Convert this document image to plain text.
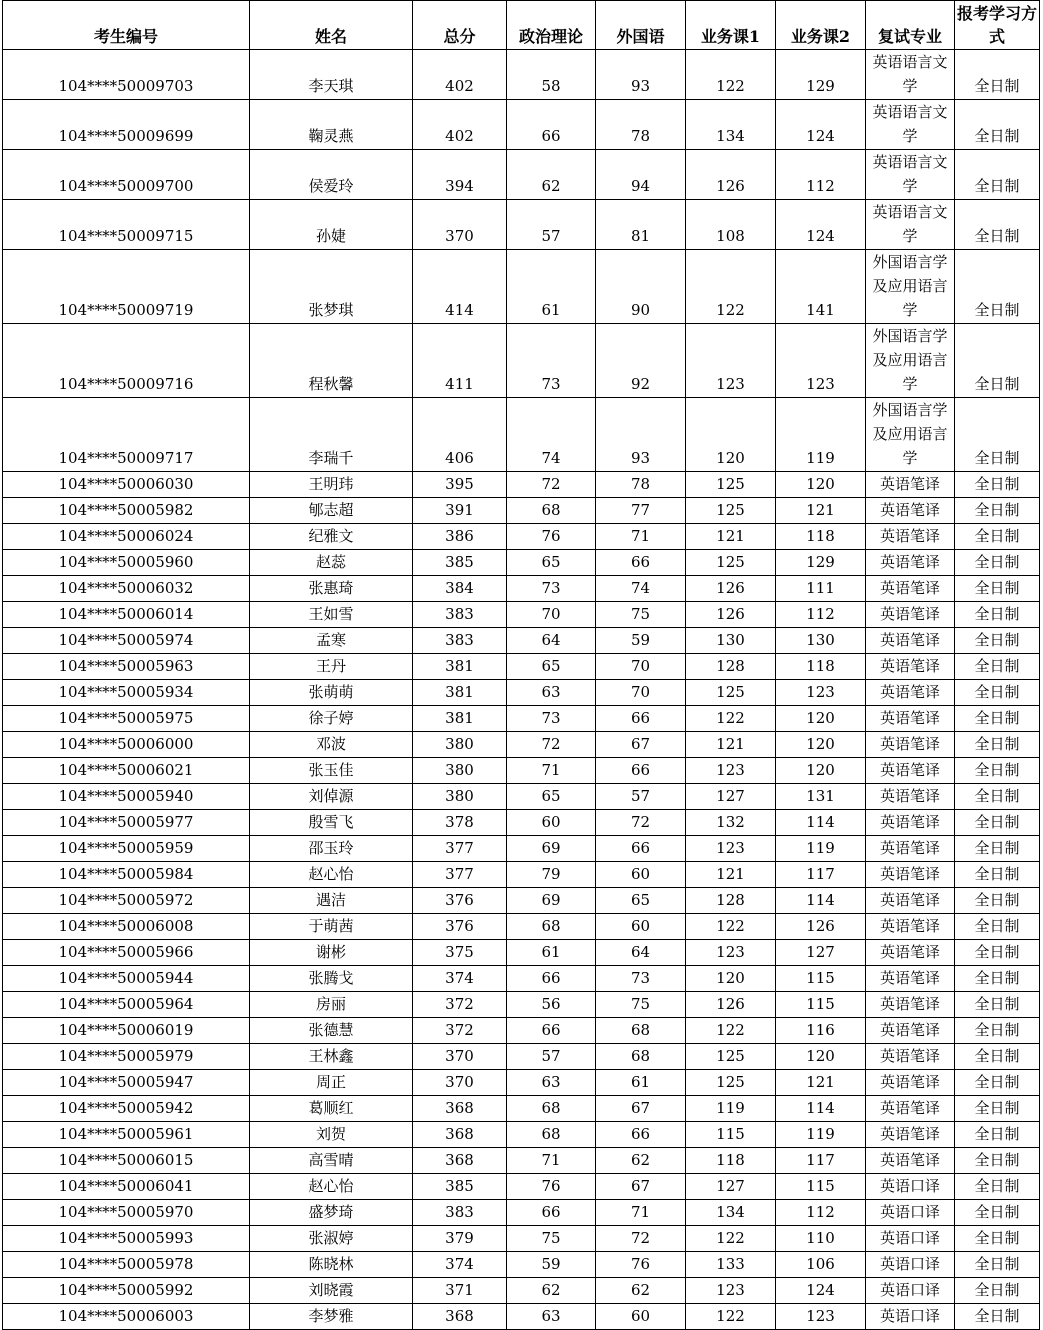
考生编号	姓名	总分	政治理论	外国语	业务课1	业务课2	复试专业	报考学习方式
104****50009703	李天琪	402	58	93	122	129	英语语言文学	全日制
104****50009699	鞠灵燕	402	66	78	134	124	英语语言文学	全日制
104****50009700	侯爱玲	394	62	94	126	112	英语语言文学	全日制
104****50009715	孙婕	370	57	81	108	124	英语语言文学	全日制
104****50009719	张梦琪	414	61	90	122	141	外国语言学及应用语言学	全日制
104****50009716	程秋馨	411	73	92	123	123	外国语言学及应用语言学	全日制
104****50009717	李瑞千	406	74	93	120	119	外国语言学及应用语言学	全日制
104****50006030	王明玮	395	72	78	125	120	英语笔译	全日制
104****50005982	郇志超	391	68	77	125	121	英语笔译	全日制
104****50006024	纪雅文	386	76	71	121	118	英语笔译	全日制
104****50005960	赵蕊	385	65	66	125	129	英语笔译	全日制
104****50006032	张惠琦	384	73	74	126	111	英语笔译	全日制
104****50006014	王如雪	383	70	75	126	112	英语笔译	全日制
104****50005974	孟寒	383	64	59	130	130	英语笔译	全日制
104****50005963	王丹	381	65	70	128	118	英语笔译	全日制
104****50005934	张萌萌	381	63	70	125	123	英语笔译	全日制
104****50005975	徐子婷	381	73	66	122	120	英语笔译	全日制
104****50006000	邓波	380	72	67	121	120	英语笔译	全日制
104****50006021	张玉佳	380	71	66	123	120	英语笔译	全日制
104****50005940	刘倬源	380	65	57	127	131	英语笔译	全日制
104****50005977	殷雪飞	378	60	72	132	114	英语笔译	全日制
104****50005959	邵玉玲	377	69	66	123	119	英语笔译	全日制
104****50005984	赵心怡	377	79	60	121	117	英语笔译	全日制
104****50005972	遇洁	376	69	65	128	114	英语笔译	全日制
104****50006008	于萌茜	376	68	60	122	126	英语笔译	全日制
104****50005966	谢彬	375	61	64	123	127	英语笔译	全日制
104****50005944	张腾戈	374	66	73	120	115	英语笔译	全日制
104****50005964	房丽	372	56	75	126	115	英语笔译	全日制
104****50006019	张德慧	372	66	68	122	116	英语笔译	全日制
104****50005979	王林鑫	370	57	68	125	120	英语笔译	全日制
104****50005947	周正	370	63	61	125	121	英语笔译	全日制
104****50005942	葛顺红	368	68	67	119	114	英语笔译	全日制
104****50005961	刘贺	368	68	66	115	119	英语笔译	全日制
104****50006015	高雪晴	368	71	62	118	117	英语笔译	全日制
104****50006041	赵心怡	385	76	67	127	115	英语口译	全日制
104****50005970	盛梦琦	383	66	71	134	112	英语口译	全日制
104****50005993	张淑婷	379	75	72	122	110	英语口译	全日制
104****50005978	陈晓林	374	59	76	133	106	英语口译	全日制
104****50005992	刘晓霞	371	62	62	123	124	英语口译	全日制
104****50006003	李梦雅	368	63	60	122	123	英语口译	全日制
